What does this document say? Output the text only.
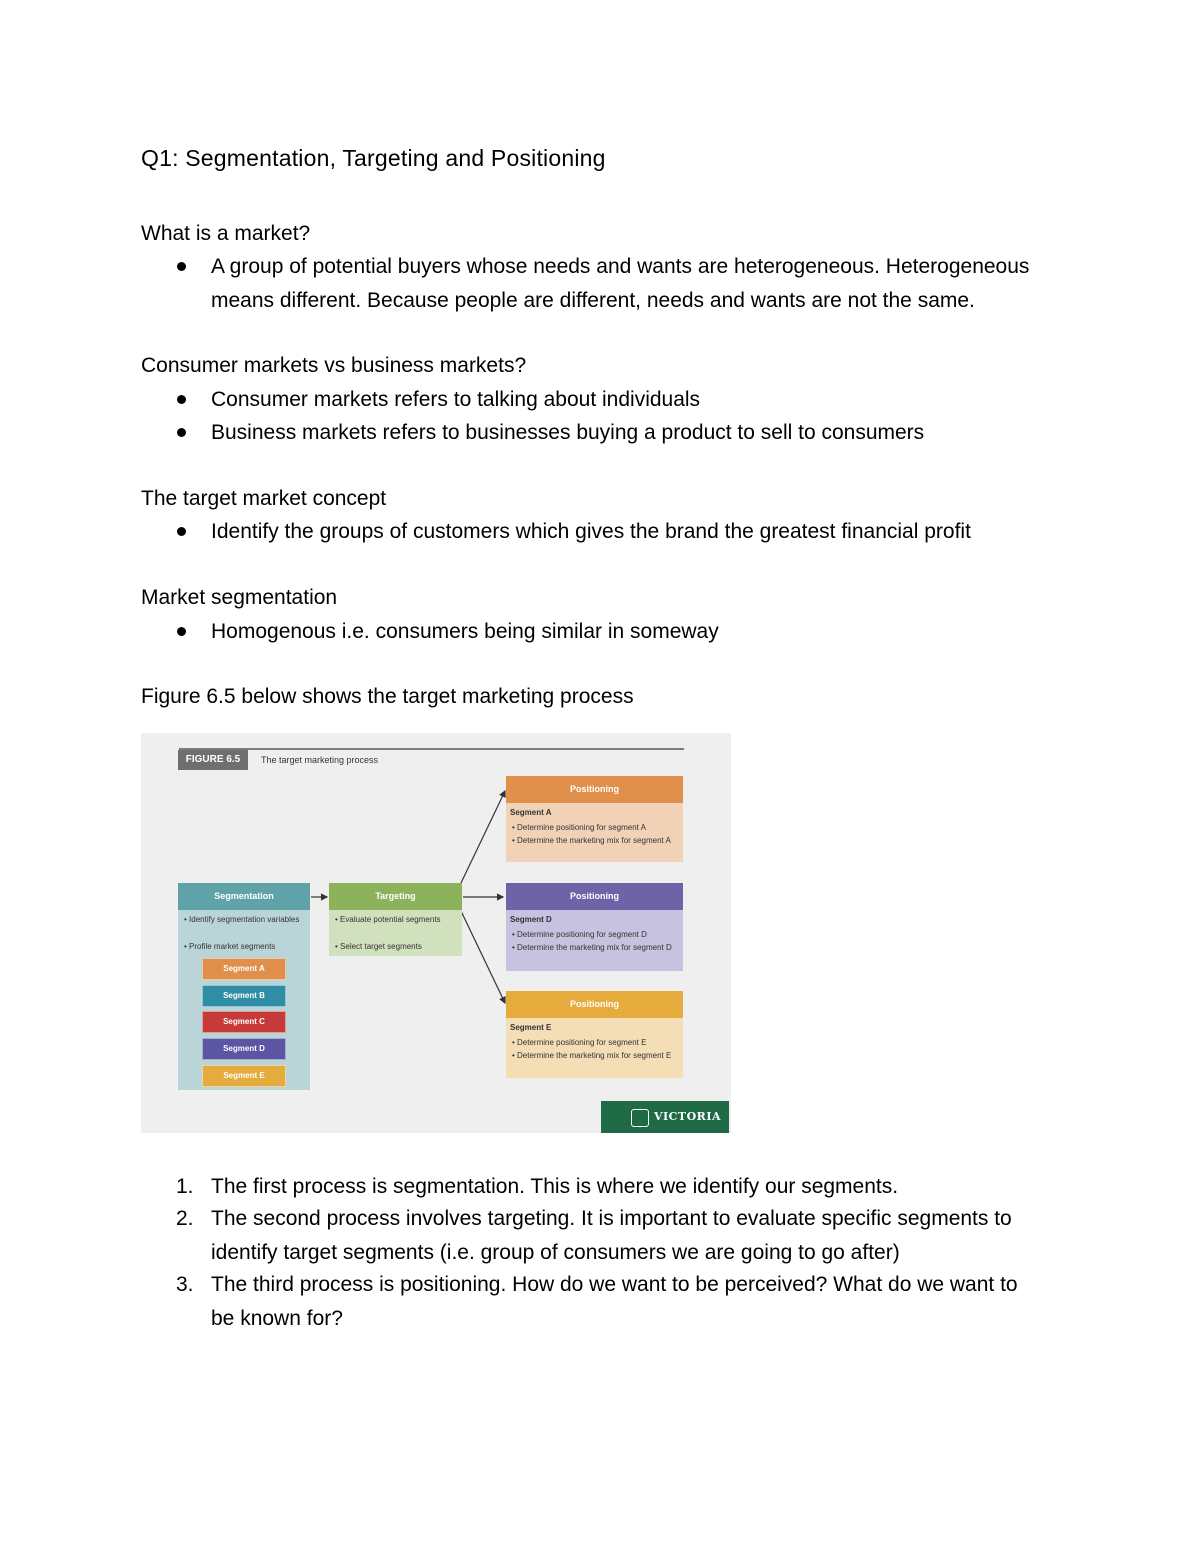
Q1: Segmentation, Targeting and Positioning
What is a market?
A group of potential buyers whose needs and wants are heterogeneous. Heterogeneous
means different. Because people are different, needs and wants are not the same.
Consumer markets vs business markets?
Consumer markets refers to talking about individuals
Business markets refers to businesses buying a product to sell to consumers
The target market concept
Identify the groups of customers which gives the brand the greatest financial profit
Market segmentation
Homogenous i.e. consumers being similar in someway
Figure 6.5 below shows the target marketing process
FIGURE 6.5	The target marketing process
Segmentation
• Identify segmentation variables
• Profile market segments
Segment A
Segment B
Segment C
Segment D
Segment E
Targeting
• Evaluate potential segments
• Select target segments
Positioning
Segment A
• Determine positioning for segment A
• Determine the marketing mix for segment A
Positioning
Segment D
• Determine positioning for segment D
• Determine the marketing mix for segment D
Positioning
Segment E
• Determine positioning for segment E
• Determine the marketing mix for segment E
VICTORIA
1. The first process is segmentation. This is where we identify our segments.
2. The second process involves targeting. It is important to evaluate specific segments to
identify target segments (i.e. group of consumers we are going to go after)
3. The third process is positioning. How do we want to be perceived? What do we want to
be known for?
